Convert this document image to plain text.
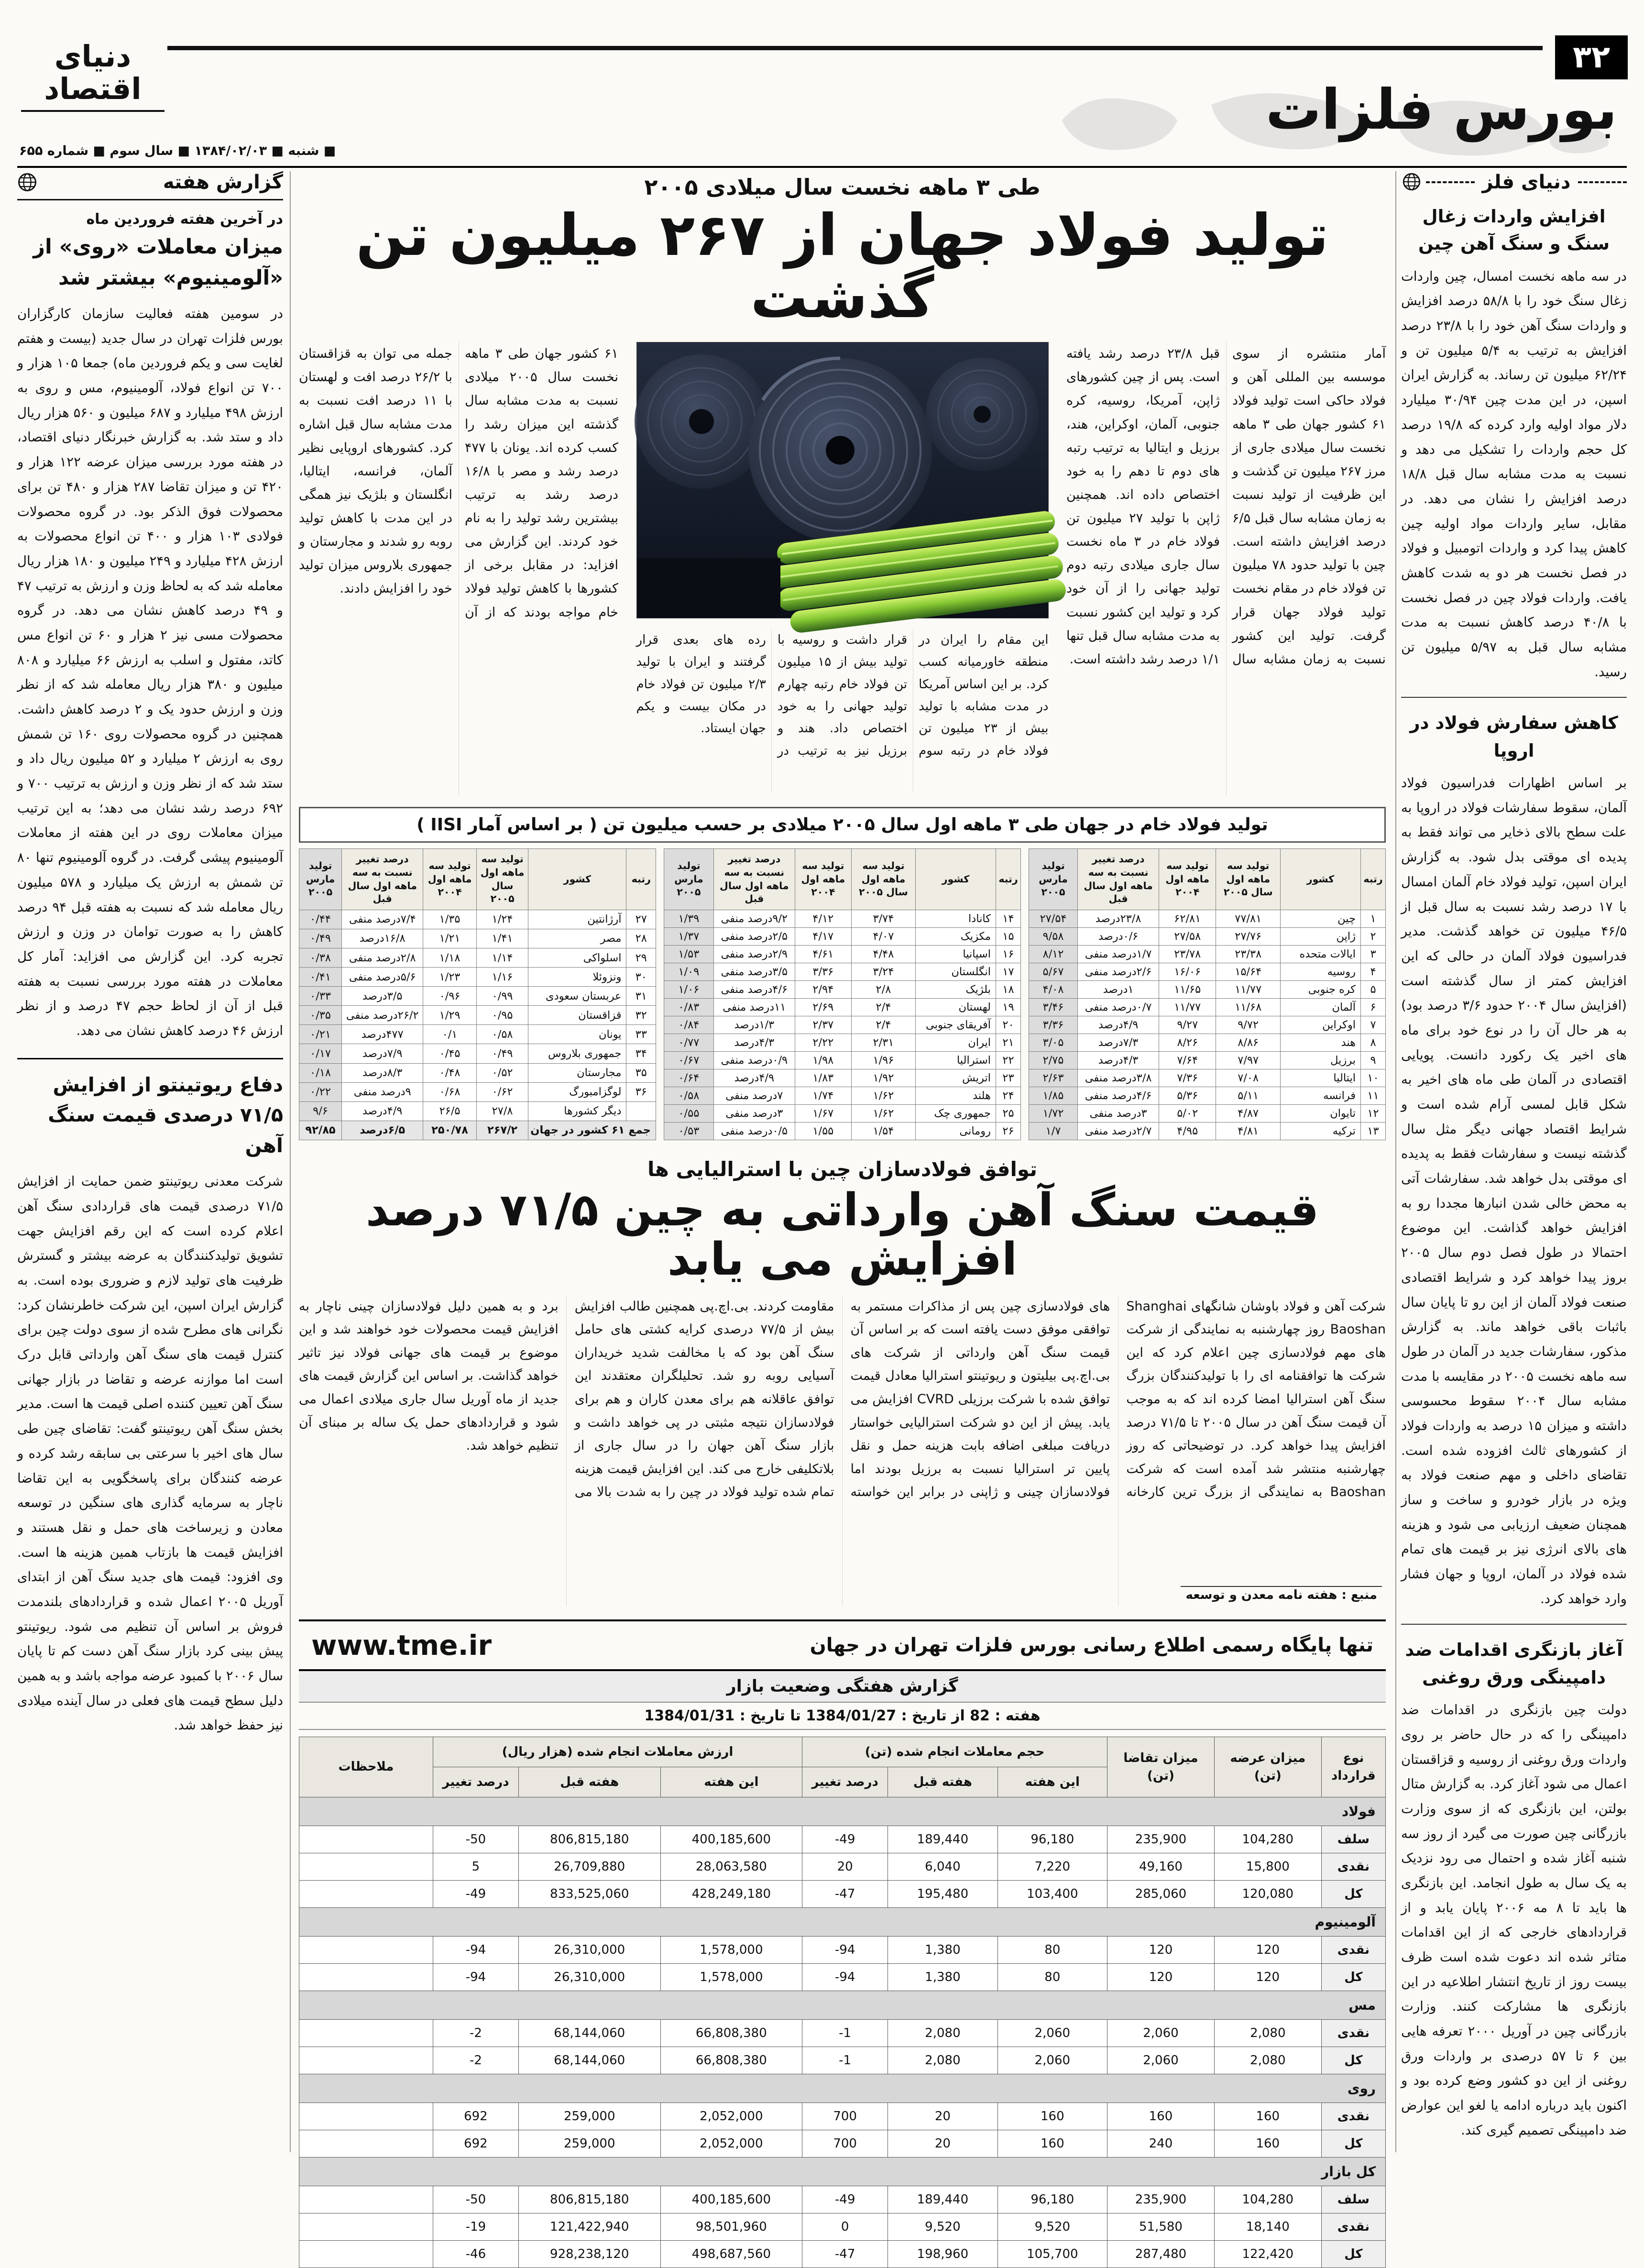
دنیای اقتصاد
۳۲
بورس فلزات
■ شنبه ■ ۱۳۸۴/۰۲/۰۳ ■ سال سوم ■ شماره ۶۵۵
گزارش هفته

در آخرین هفته فروردین ماه

میزان معاملات «روی» از «آلومینیوم» بیشتر شد

در سومین هفته فعالیت سازمان کارگزاران بورس فلزات تهران در سال جدید (بیست و هفتم لغایت سی و یکم فروردین ماه) جمعا ۱۰۵ هزار و ۷۰۰ تن انواع فولاد، آلومینیوم، مس و روی به ارزش ۴۹۸ میلیارد و ۶۸۷ میلیون و ۵۶۰ هزار ریال داد و ستد شد. به گزارش خبرنگار دنیای اقتصاد، در هفته مورد بررسی میزان عرضه ۱۲۲ هزار و ۴۲۰ تن و میزان تقاضا ۲۸۷ هزار و ۴۸۰ تن برای محصولات فوق الذکر بود. در گروه محصولات فولادی ۱۰۳ هزار و ۴۰۰ تن انواع محصولات به ارزش ۴۲۸ میلیارد و ۲۴۹ میلیون و ۱۸۰ هزار ریال معامله شد که به لحاظ وزن و ارزش به ترتیب ۴۷ و ۴۹ درصد کاهش نشان می دهد. در گروه محصولات مسی نیز ۲ هزار و ۶۰ تن انواع مس کاتد، مفتول و اسلب به ارزش ۶۶ میلیارد و ۸۰۸ میلیون و ۳۸۰ هزار ریال معامله شد که از نظر وزن و ارزش حدود یک و ۲ درصد کاهش داشت. همچنین در گروه محصولات روی ۱۶۰ تن شمش روی به ارزش ۲ میلیارد و ۵۲ میلیون ریال داد و ستد شد که از نظر وزن و ارزش به ترتیب ۷۰۰ و ۶۹۲ درصد رشد نشان می دهد؛ به این ترتیب میزان معاملات روی در این هفته از معاملات آلومینیوم پیشی گرفت. در گروه آلومینیوم تنها ۸۰ تن شمش به ارزش یک میلیارد و ۵۷۸ میلیون ریال معامله شد که نسبت به هفته قبل ۹۴ درصد کاهش را به صورت توامان در وزن و ارزش تجربه کرد. این گزارش می افزاید: آمار کل معاملات در هفته مورد بررسی نسبت به هفته قبل از آن از لحاظ حجم ۴۷ درصد و از نظر ارزش ۴۶ درصد کاهش نشان می دهد.

دفاع ریوتینتو از افزایش ۷۱/۵ درصدی قیمت سنگ آهن

شرکت معدنی ریوتینتو ضمن حمایت از افزایش ۷۱/۵ درصدی قیمت های قراردادی سنگ آهن اعلام کرده است که این رقم افزایش جهت تشویق تولیدکنندگان به عرضه بیشتر و گسترش ظرفیت های تولید لازم و ضروری بوده است. به گزارش ایران اسپن، این شرکت خاطرنشان کرد: نگرانی های مطرح شده از سوی دولت چین برای کنترل قیمت های سنگ آهن وارداتی قابل درک است اما موازنه عرضه و تقاضا در بازار جهانی سنگ آهن تعیین کننده اصلی قیمت ها است. مدیر بخش سنگ آهن ریوتینتو گفت: تقاضای چین طی سال های اخیر با سرعتی بی سابقه رشد کرده و عرضه کنندگان برای پاسخگویی به این تقاضا ناچار به سرمایه گذاری های سنگین در توسعه معادن و زیرساخت های حمل و نقل هستند و افزایش قیمت ها بازتاب همین هزینه ها است. وی افزود: قیمت های جدید سنگ آهن از ابتدای آوریل ۲۰۰۵ اعمال شده و قراردادهای بلندمدت فروش بر اساس آن تنظیم می شود. ریوتینتو پیش بینی کرد بازار سنگ آهن دست کم تا پایان سال ۲۰۰۶ با کمبود عرضه مواجه باشد و به همین دلیل سطح قیمت های فعلی در سال آینده میلادی نیز حفظ خواهد شد.

دنیای فلز
افزایش واردات زغال سنگ و سنگ آهن چین

در سه ماهه نخست امسال، چین واردات زغال سنگ خود را با ۵۸/۸ درصد افزایش و واردات سنگ آهن خود را با ۲۳/۸ درصد افزایش به ترتیب به ۵/۴ میلیون تن و ۶۲/۲۴ میلیون تن رساند. به گزارش ایران اسپن، در این مدت چین ۳۰/۹۴ میلیارد دلار مواد اولیه وارد کرده که ۱۹/۸ درصد کل حجم واردات را تشکیل می دهد و نسبت به مدت مشابه سال قبل ۱۸/۸ درصد افزایش را نشان می دهد. در مقابل، سایر واردات مواد اولیه چین کاهش پیدا کرد و واردات اتومبیل و فولاد در فصل نخست هر دو به شدت کاهش یافت. واردات فولاد چین در فصل نخست با ۴۰/۸ درصد کاهش نسبت به مدت مشابه سال قبل به ۵/۹۷ میلیون تن رسید.

کاهش سفارش فولاد در اروپا

بر اساس اظهارات فدراسیون فولاد آلمان، سقوط سفارشات فولاد در اروپا به علت سطح بالای ذخایر می تواند فقط به پدیده ای موقتی بدل شود. به گزارش ایران اسپن، تولید فولاد خام آلمان امسال با ۱۷ درصد رشد نسبت به سال قبل از ۴۶/۵ میلیون تن خواهد گذشت. مدیر فدراسیون فولاد آلمان در حالی که این افزایش کمتر از سال گذشته است (افزایش سال ۲۰۰۴ حدود ۳/۶ درصد بود) به هر حال آن را در نوع خود برای ماه های اخیر یک رکورد دانست. پویایی اقتصادی در آلمان طی ماه های اخیر به شکل قابل لمسی آرام شده است و شرایط اقتصاد جهانی دیگر مثل سال گذشته نیست و سفارشات فقط به پدیده ای موقتی بدل خواهد شد. سفارشات آتی به محض خالی شدن انبارها مجددا رو به افزایش خواهد گذاشت. این موضوع احتمالا در طول فصل دوم سال ۲۰۰۵ بروز پیدا خواهد کرد و شرایط اقتصادی صنعت فولاد آلمان از این رو تا پایان سال باثبات باقی خواهد ماند. به گزارش مذکور، سفارشات جدید در آلمان در طول سه ماهه نخست ۲۰۰۵ در مقایسه با مدت مشابه سال ۲۰۰۴ سقوط محسوسی داشته و میزان ۱۵ درصد به واردات فولاد از کشورهای ثالث افزوده شده است. تقاضای داخلی و مهم صنعت فولاد به ویژه در بازار خودرو و ساخت و ساز همچنان ضعیف ارزیابی می شود و هزینه های بالای انرژی نیز بر قیمت های تمام شده فولاد در آلمان، اروپا و جهان فشار وارد خواهد کرد.

آغاز بازنگری اقدامات ضد دامپینگی ورق روغنی

دولت چین بازنگری در اقدامات ضد دامپینگی را که در حال حاضر بر روی واردات ورق روغنی از روسیه و قزاقستان اعمال می شود آغاز کرد. به گزارش متال بولتن، این بازنگری که از سوی وزارت بازرگانی چین صورت می گیرد از روز سه شنبه آغاز شده و احتمال می رود نزدیک به یک سال به طول انجامد. این بازنگری ها باید تا ۸ مه ۲۰۰۶ پایان یابد و از قراردادهای خارجی که از این اقدامات متاثر شده اند دعوت شده است ظرف بیست روز از تاریخ انتشار اطلاعیه در این بازنگری ها مشارکت کنند. وزارت بازرگانی چین در آوریل ۲۰۰۰ تعرفه هایی بین ۶ تا ۵۷ درصدی بر واردات ورق روغنی از این دو کشور وضع کرده بود و اکنون باید درباره ادامه یا لغو این عوارض ضد دامپینگی تصمیم گیری کند.

طی ۳ ماهه نخست سال میلادی ۲۰۰۵

تولید فولاد جهان از ۲۶۷ میلیون تن گذشت
آمار منتشره از سوی موسسه بین المللی آهن و فولاد حاکی است تولید فولاد ۶۱ کشور جهان طی ۳ ماهه نخست سال میلادی جاری از مرز ۲۶۷ میلیون تن گذشت و این ظرفیت از تولید نسبت به زمان مشابه سال قبل ۶/۵ درصد افزایش داشته است. چین با تولید حدود ۷۸ میلیون تن فولاد خام در مقام نخست تولید فولاد جهان قرار گرفت. تولید این کشور نسبت به زمان مشابه سال قبل ۲۳/۸ درصد رشد یافته است. پس از چین کشورهای ژاپن، آمریکا، روسیه، کره جنوبی، آلمان، اوکراین، هند، برزیل و ایتالیا به ترتیب رتبه های دوم تا دهم را به خود اختصاص داده اند. همچنین ژاپن با تولید ۲۷ میلیون تن فولاد خام در ۳ ماه نخست سال جاری میلادی رتبه دوم تولید جهانی را از آن خود کرد و تولید این کشور نسبت به مدت مشابه سال قبل تنها ۱/۱ درصد رشد داشته است.
۶۱ کشور جهان طی ۳ ماهه نخست سال ۲۰۰۵ میلادی نسبت به مدت مشابه سال گذشته این میزان رشد را کسب کرده اند. یونان با ۴۷۷ درصد رشد و مصر با ۱۶/۸ درصد رشد به ترتیب بیشترین رشد تولید را به نام خود کردند. این گزارش می افزاید: در مقابل برخی از کشورها با کاهش تولید فولاد خام مواجه بودند که از آن جمله می توان به قزاقستان با ۲۶/۲ درصد افت و لهستان با ۱۱ درصد افت نسبت به مدت مشابه سال قبل اشاره کرد. کشورهای اروپایی نظیر آلمان، فرانسه، ایتالیا، انگلستان و بلژیک نیز همگی در این مدت با کاهش تولید روبه رو شدند و مجارستان و جمهوری بلاروس میزان تولید خود را افزایش دادند.
این مقام را ایران در منطقه خاورمیانه کسب کرد. بر این اساس آمریکا در مدت مشابه با تولید بیش از ۲۳ میلیون تن فولاد خام در رتبه سوم قرار داشت و روسیه با تولید بیش از ۱۵ میلیون تن فولاد خام رتبه چهارم تولید جهانی را به خود اختصاص داد. هند و برزیل نیز به ترتیب در رده های بعدی قرار گرفتند و ایران با تولید ۲/۳ میلیون تن فولاد خام در مکان بیست و یکم جهان ایستاد.
تولید فولاد خام در جهان طی ۳ ماهه اول سال ۲۰۰۵ میلادی بر حسب میلیون تن ( بر اساس آمار IISI )
رتبه	کشور	تولید سه ماهه اول سال ۲۰۰۵	تولید سه ماهه اول ۲۰۰۴	درصد تغییر نسبت به سه ماهه اول سال قبل	تولید مارس ۲۰۰۵
۱	چین	۷۷/۸۱	۶۲/۸۱	۲۳/۸درصد	۲۷/۵۴
۲	ژاپن	۲۷/۷۶	۲۷/۵۸	۰/۶درصد	۹/۵۸
۳	ایالات متحده	۲۳/۳۸	۲۳/۷۸	۱/۷درصد منفی	۸/۱۲
۴	روسیه	۱۵/۶۴	۱۶/۰۶	۲/۶درصد منفی	۵/۶۷
۵	کره جنوبی	۱۱/۷۷	۱۱/۶۵	۱درصد	۴/۰۸
۶	آلمان	۱۱/۶۸	۱۱/۷۷	۰/۷درصد منفی	۳/۴۶
۷	اوکراین	۹/۷۲	۹/۲۷	۴/۹درصد	۳/۳۶
۸	هند	۸/۸۶	۸/۲۶	۷/۳درصد	۳/۰۵
۹	برزیل	۷/۹۷	۷/۶۴	۴/۳درصد	۲/۷۵
۱۰	ایتالیا	۷/۰۸	۷/۳۶	۳/۸درصد منفی	۲/۶۳
۱۱	فرانسه	۵/۱۱	۵/۳۶	۴/۶درصد منفی	۱/۸۵
۱۲	تایوان	۴/۸۷	۵/۰۲	۳درصد منفی	۱/۷۲
۱۳	ترکیه	۴/۸۱	۴/۹۵	۲/۷درصد منفی	۱/۷
رتبه	کشور	تولید سه ماهه اول سال ۲۰۰۵	تولید سه ماهه اول ۲۰۰۴	درصد تغییر نسبت به سه ماهه اول سال قبل	تولید مارس ۲۰۰۵
۱۴	کانادا	۳/۷۴	۴/۱۲	۹/۲درصد منفی	۱/۳۹
۱۵	مکزیک	۴/۰۷	۴/۱۷	۲/۵درصد منفی	۱/۳۷
۱۶	اسپانیا	۴/۴۸	۴/۶۱	۲/۹درصد منفی	۱/۵۳
۱۷	انگلستان	۳/۲۴	۳/۳۶	۳/۵درصد منفی	۱/۰۹
۱۸	بلژیک	۲/۸	۲/۹۴	۴/۶درصد منفی	۱/۰۶
۱۹	لهستان	۲/۴	۲/۶۹	۱۱درصد منفی	۰/۸۳
۲۰	آفریقای جنوبی	۲/۴	۲/۳۷	۱/۳درصد	۰/۸۴
۲۱	ایران	۲/۳۱	۲/۲۲	۴/۳درصد	۰/۷۷
۲۲	استرالیا	۱/۹۶	۱/۹۸	۰/۹درصد منفی	۰/۶۷
۲۳	اتریش	۱/۹۲	۱/۸۳	۴/۹درصد	۰/۶۴
۲۴	هلند	۱/۶۲	۱/۷۴	۷درصد منفی	۰/۵۸
۲۵	جمهوری چک	۱/۶۲	۱/۶۷	۳درصد منفی	۰/۵۵
۲۶	رومانی	۱/۵۴	۱/۵۵	۰/۵درصد منفی	۰/۵۳
رتبه	کشور	تولید سه ماهه اول سال ۲۰۰۵	تولید سه ماهه اول ۲۰۰۴	درصد تغییر نسبت به سه ماهه اول سال قبل	تولید مارس ۲۰۰۵
۲۷	آرژانتین	۱/۲۴	۱/۳۵	۷/۴درصد منفی	۰/۴۴
۲۸	مصر	۱/۴۱	۱/۲۱	۱۶/۸درصد	۰/۴۹
۲۹	اسلواکی	۱/۱۴	۱/۱۸	۲/۸درصد منفی	۰/۳۸
۳۰	ونزوئلا	۱/۱۶	۱/۲۳	۵/۶درصد منفی	۰/۴۱
۳۱	عربستان سعودی	۰/۹۹	۰/۹۶	۳/۵درصد	۰/۳۳
۳۲	قزاقستان	۰/۹۵	۱/۲۹	۲۶/۲درصد منفی	۰/۳۵
۳۳	یونان	۰/۵۸	۰/۱	۴۷۷درصد	۰/۲۱
۳۴	جمهوری بلاروس	۰/۴۹	۰/۴۵	۷/۹درصد	۰/۱۷
۳۵	مجارستان	۰/۵۲	۰/۴۸	۸/۳درصد	۰/۱۸
۳۶	لوگزامبورگ	۰/۶۲	۰/۶۸	۹درصد منفی	۰/۲۲
	دیگر کشورها	۲۷/۸	۲۶/۵	۴/۹درصد	۹/۶
جمع ۶۱ کشور در جهان		۲۶۷/۲	۲۵۰/۷۸	۶/۵درصد	۹۲/۸۵

توافق فولادسازان چین با استرالیایی ها

قیمت سنگ آهن وارداتی به چین ۷۱/۵ درصد افزایش می یابد
شرکت آهن و فولاد باوشان شانگهای Shanghai Baoshan روز چهارشنبه به نمایندگی از شرکت های مهم فولادسازی چین اعلام کرد که این شرکت ها توافقنامه ای را با تولیدکنندگان بزرگ سنگ آهن استرالیا امضا کرده اند که به موجب آن قیمت سنگ آهن در سال ۲۰۰۵ تا ۷۱/۵ درصد افزایش پیدا خواهد کرد. در توضیحاتی که روز چهارشنبه منتشر شد آمده است که شرکت Baoshan به نمایندگی از بزرگ ترین کارخانه های فولادسازی چین پس از مذاکرات مستمر به توافقی موفق دست یافته است که بر اساس آن قیمت سنگ آهن وارداتی از شرکت های بی.اچ.پی بیلیتون و ریوتینتو استرالیا معادل قیمت توافق شده با شرکت برزیلی CVRD افزایش می یابد. پیش از این دو شرکت استرالیایی خواستار دریافت مبلغی اضافه بابت هزینه حمل و نقل پایین تر استرالیا نسبت به برزیل بودند اما فولادسازان چینی و ژاپنی در برابر این خواسته مقاومت کردند. بی.اچ.پی همچنین طالب افزایش بیش از ۷۷/۵ درصدی کرایه کشتی های حامل سنگ آهن بود که با مخالفت شدید خریداران آسیایی روبه رو شد. تحلیلگران معتقدند این توافق عاقلانه هم برای معدن کاران و هم برای فولادسازان نتیجه مثبتی در پی خواهد داشت و بازار سنگ آهن جهان را در سال جاری از بلاتکلیفی خارج می کند. این افزایش قیمت هزینه تمام شده تولید فولاد در چین را به شدت بالا می برد و به همین دلیل فولادسازان چینی ناچار به افزایش قیمت محصولات خود خواهند شد و این موضوع بر قیمت های جهانی فولاد نیز تاثیر خواهد گذاشت. بر اساس این گزارش قیمت های جدید از ماه آوریل سال جاری میلادی اعمال می شود و قراردادهای حمل یک ساله بر مبنای آن تنظیم خواهد شد.
منبع : هفته نامه معدن و توسعه
تنها پایگاه رسمی اطلاع رسانی بورس فلزات تهران در جهان
www.tme.ir
گزارش هفتگی وضعیت بازار
هفته : 82 از تاریخ : 1384/01/27 تا تاریخ : 1384/01/31
نوع قرارداد	میزان عرضه (تن)	میزان تقاضا (تن)	حجم معاملات انجام شده (تن)			ارزش معاملات انجام شده (هزار ریال)			ملاحظات
			این هفته	هفته قبل	درصد تغییر	این هفته	هفته قبل	درصد تغییر	
فولاد									
سلف	104,280	235,900	96,180	189,440	-49	400,185,600	806,815,180	-50	
نقدی	15,800	49,160	7,220	6,040	20	28,063,580	26,709,880	5	
کل	120,080	285,060	103,400	195,480	-47	428,249,180	833,525,060	-49	
آلومینیوم									
نقدی	120	120	80	1,380	-94	1,578,000	26,310,000	-94	
کل	120	120	80	1,380	-94	1,578,000	26,310,000	-94	
مس									
نقدی	2,080	2,060	2,060	2,080	-1	66,808,380	68,144,060	-2	
کل	2,080	2,060	2,060	2,080	-1	66,808,380	68,144,060	-2	
روی									
نقدی	160	160	160	20	700	2,052,000	259,000	692	
کل	160	240	160	20	700	2,052,000	259,000	692	
کل بازار									
سلف	104,280	235,900	96,180	189,440	-49	400,185,600	806,815,180	-50	
نقدی	18,140	51,580	9,520	9,520	0	98,501,960	121,422,940	-19	
کل	122,420	287,480	105,700	198,960	-47	498,687,560	928,238,120	-46	
